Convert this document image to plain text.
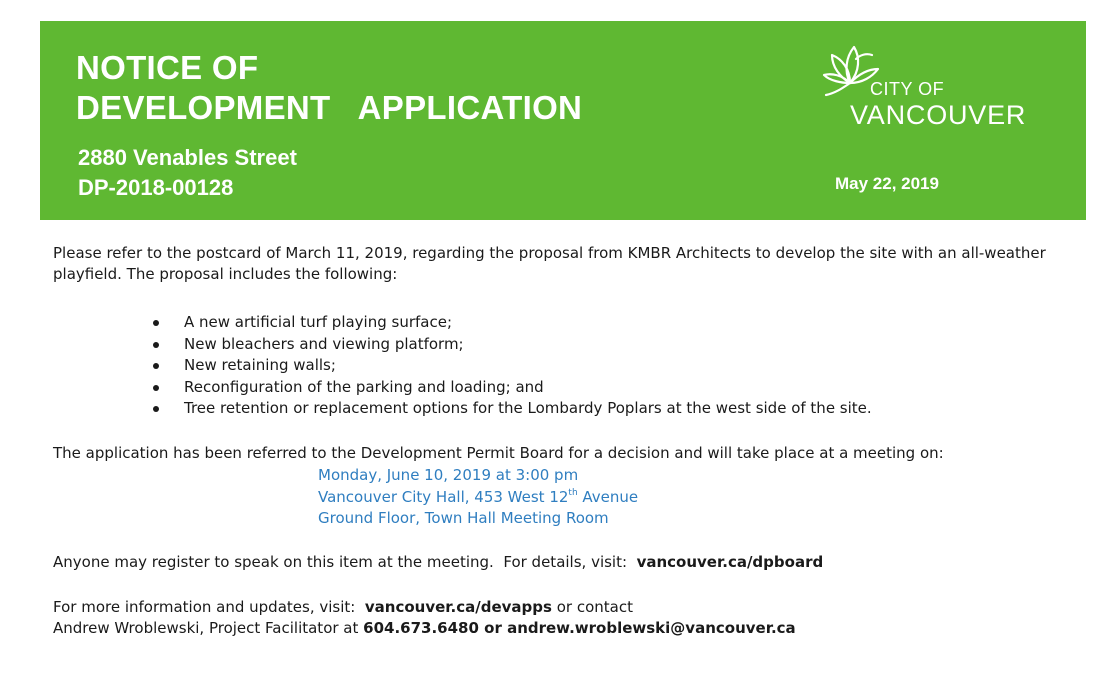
NOTICE OF
DEVELOPMENT   APPLICATION
2880 Venables Street
DP-2018-00128	May 22, 2019
CITY OF
VANCOUVER
Please refer to the postcard of March 11, 2019, regarding the proposal from KMBR Architects to develop the site with an all-weather playfield. The proposal includes the following:
A new artificial turf playing surface;
New bleachers and viewing platform;
New retaining walls;
Reconfiguration of the parking and loading; and
Tree retention or replacement options for the Lombardy Poplars at the west side of the site.
The application has been referred to the Development Permit Board for a decision and will take place at a meeting on:
Monday, June 10, 2019 at 3:00 pm
Vancouver City Hall, 453 West 12th Avenue
Ground Floor, Town Hall Meeting Room
Anyone may register to speak on this item at the meeting.  For details, visit:  vancouver.ca/dpboard
For more information and updates, visit:  vancouver.ca/devapps or contact
Andrew Wroblewski, Project Facilitator at 604.673.6480 or andrew.wroblewski@vancouver.ca
